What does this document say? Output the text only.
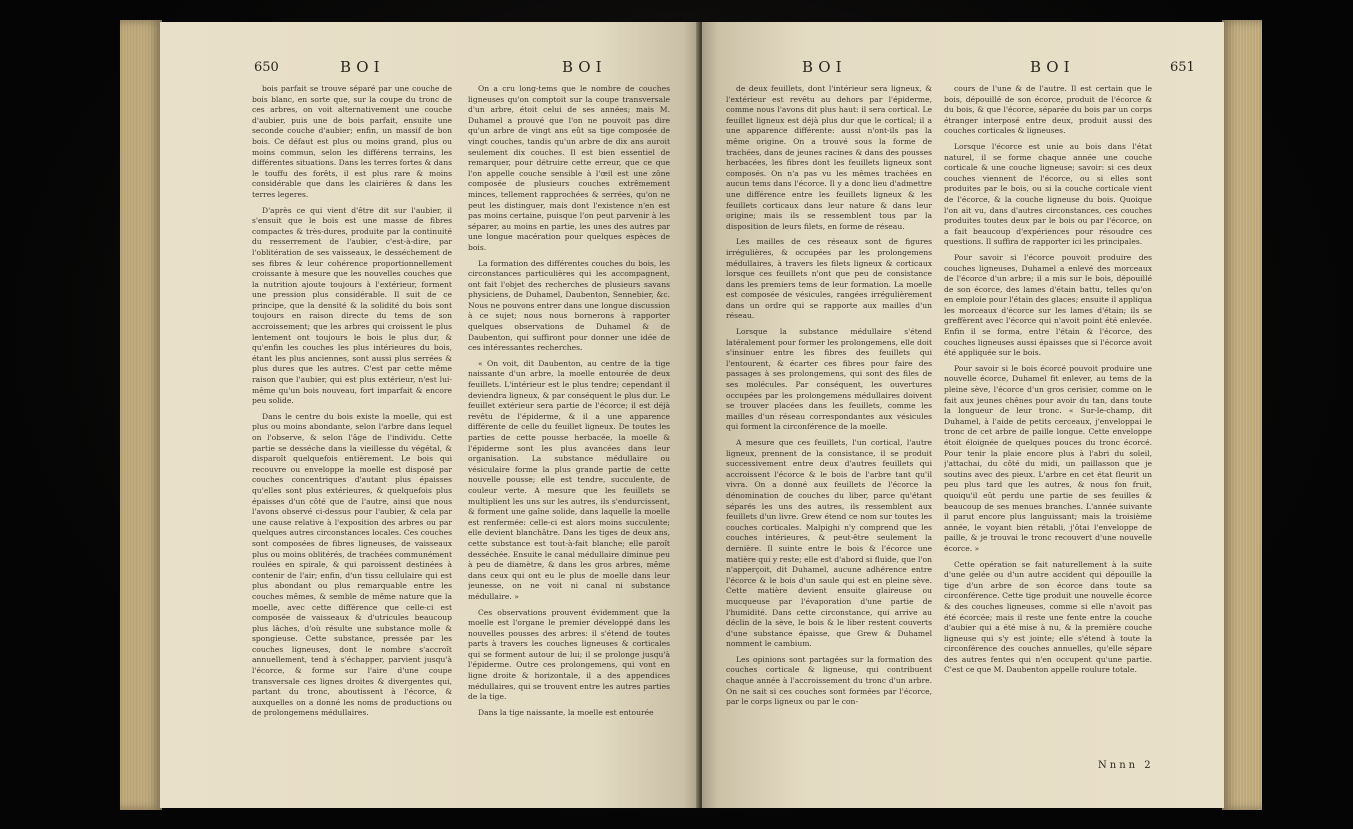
650	BOI	BOI

bois parfait se trouve séparé par une couche de bois blanc, en sorte que, sur la coupe du tronc de ces arbres, on voit alternativement une couche d'aubier, puis une de bois parfait, ensuite une seconde couche d'aubier; enfin, un massif de bon bois. Ce défaut est plus ou moins grand, plus ou moins commun, selon les différens terrains, les différentes situations. Dans les terres fortes & dans le touffu des forêts, il est plus rare & moins considérable que dans les clairières & dans les terres legeres.

D'après ce qui vient d'être dit sur l'aubier, il s'ensuit que le bois est une masse de fibres compactes & très-dures, produite par la continuité du resserrement de l'aubier, c'est-à-dire, par l'oblitération de ses vaisseaux, le desséchement de ses fibres & leur cohérence proportionnellement croissante à mesure que les nouvelles couches que la nutrition ajoute toujours à l'extérieur, forment une pression plus considérable. Il suit de ce principe, que la densité & la solidité du bois sont toujours en raison directe du tems de son accroissement; que les arbres qui croissent le plus lentement ont toujours le bois le plus dur, & qu'enfin les couches les plus intérieures du bois, étant les plus anciennes, sont aussi plus serrées & plus dures que les autres. C'est par cette même raison que l'aubier, qui est plus extérieur, n'est lui-même qu'un bois nouveau, fort imparfait & encore peu solide.

Dans le centre du bois existe la moelle, qui est plus ou moins abondante, selon l'arbre dans lequel on l'observe, & selon l'âge de l'individu. Cette partie se desséche dans la vieillesse du végétal, & disparoît quelquefois entièrement. Le bois qui recouvre ou enveloppe la moelle est disposé par couches concentriques d'autant plus épaisses qu'elles sont plus extérieures, & quelquefois plus épaisses d'un côté que de l'autre, ainsi que nous l'avons observé ci-dessus pour l'aubier, & cela par une cause relative à l'exposition des arbres ou par quelques autres circonstances locales. Ces couches sont composées de fibres ligneuses, de vaisseaux plus ou moins oblitérés, de trachées communément roulées en spirale, & qui paroissent destinées à contenir de l'air; enfin, d'un tissu cellulaire qui est plus abondant ou plus remarquable entre les couches mêmes, & semble de même nature que la moelle, avec cette différence que celle-ci est composée de vaisseaux & d'utricules beaucoup plus lâches, d'où résulte une substance molle & spongieuse. Cette substance, pressée par les couches ligneuses, dont le nombre s'accroît annuellement, tend à s'échapper, parvient jusqu'à l'écorce, & forme sur l'aire d'une coupe transversale ces lignes droites & divergentes qui, partant du tronc, aboutissent à l'écorce, & auxquelles on a donné les noms de productions ou de prolongemens médullaires.

On a cru long-tems que le nombre de couches ligneuses qu'on comptoit sur la coupe transversale d'un arbre, étoit celui de ses années; mais M. Duhamel a prouvé que l'on ne pouvoit pas dire qu'un arbre de vingt ans eût sa tige composée de vingt couches, tandis qu'un arbre de dix ans auroit seulement dix couches. Il est bien essentiel de remarquer, pour détruire cette erreur, que ce que l'on appelle couche sensible à l'œil est une zône composée de plusieurs couches extrêmement minces, tellement rapprochées & serrées, qu'on ne peut les distinguer, mais dont l'existence n'en est pas moins certaine, puisque l'on peut parvenir à les séparer, au moins en partie, les unes des autres par une longue macération pour quelques espèces de bois.

La formation des différentes couches du bois, les circonstances particulières qui les accompagnent, ont fait l'objet des recherches de plusieurs savans physiciens, de Duhamel, Daubenton, Sennebier, &c. Nous ne pouvons entrer dans une longue discussion à ce sujet; nous nous bornerons à rapporter quelques observations de Duhamel & de Daubenton, qui suffiront pour donner une idée de ces intéressantes recherches.

« On voit, dit Daubenton, au centre de la tige naissante d'un arbre, la moelle entourée de deux feuillets. L'intérieur est le plus tendre; cependant il deviendra ligneux, & par conséquent le plus dur. Le feuillet extérieur sera partie de l'écorce; il est déjà revêtu de l'épiderme, & il a une apparence différente de celle du feuillet ligneux. De toutes les parties de cette pousse herbacée, la moelle & l'épiderme sont les plus avancées dans leur organisation. La substance médullaire ou vésiculaire forme la plus grande partie de cette nouvelle pousse; elle est tendre, succulente, de couleur verte. A mesure que les feuillets se multiplient les uns sur les autres, ils s'endurcissent, & forment une gaîne solide, dans laquelle la moelle est renfermée: celle-ci est alors moins succulente; elle devient blanchâtre. Dans les tiges de deux ans, cette substance est tout-à-fait blanche; elle paroît desséchée. Ensuite le canal médullaire diminue peu à peu de diamètre, & dans les gros arbres, même dans ceux qui ont eu le plus de moelle dans leur jeunesse, on ne voit ni canal ni substance médullaire. »

Ces observations prouvent évidemment que la moelle est l'organe le premier développé dans les nouvelles pousses des arbres: il s'étend de toutes parts à travers les couches ligneuses & corticales qui se forment autour de lui; il se prolonge jusqu'à l'épiderme. Outre ces prolongemens, qui vont en ligne droite & horizontale, il a des appendices médullaires, qui se trouvent entre les autres parties de la tige.

Dans la tige naissante, la moelle est entourée

BOI	BOI	651

de deux feuillets, dont l'intérieur sera ligneux, & l'extérieur est revêtu au dehors par l'épiderme, comme nous l'avons dit plus haut: il sera cortical. Le feuillet ligneux est déjà plus dur que le cortical; il a une apparence différente: aussi n'ont-ils pas la même origine. On a trouvé sous la forme de trachées, dans de jeunes racines & dans des pousses herbacées, les fibres dont les feuillets ligneux sont composés. On n'a pas vu les mêmes trachées en aucun tems dans l'écorce. Il y a donc lieu d'admettre une différence entre les feuillets ligneux & les feuillets corticaux dans leur nature & dans leur origine; mais ils se ressemblent tous par la disposition de leurs filets, en forme de réseau.

Les mailles de ces réseaux sont de figures irrégulières, & occupées par les prolongemens médullaires, à travers les filets ligneux & corticaux lorsque ces feuillets n'ont que peu de consistance dans les premiers tems de leur formation. La moelle est composée de vésicules, rangées irrégulièrement dans un ordre qui se rapporte aux mailles d'un réseau.

Lorsque la substance médullaire s'étend latéralement pour former les prolongemens, elle doit s'insinuer entre les fibres des feuillets qui l'entourent, & écarter ces fibres pour faire des passages à ses prolongemens, qui sont des files de ses molécules. Par conséquent, les ouvertures occupées par les prolongemens médullaires doivent se trouver placées dans les feuillets, comme les mailles d'un réseau correspondantes aux vésicules qui forment la circonférence de la moelle.

A mesure que ces feuillets, l'un cortical, l'autre ligneux, prennent de la consistance, il se produit successivement entre deux d'autres feuillets qui accroissent l'écorce & le bois de l'arbre tant qu'il vivra. On a donné aux feuillets de l'écorce la dénomination de couches du liber, parce qu'étant séparés les uns des autres, ils ressemblent aux feuillets d'un livre. Grew étend ce nom sur toutes les couches corticales. Malpighi n'y comprend que les couches intérieures, & peut-être seulement la dernière. Il suinte entre le bois & l'écorce une matière qui y reste; elle est d'abord si fluide, que l'on n'apperçoit, dit Duhamel, aucune adhérence entre l'écorce & le bois d'un saule qui est en pleine sève. Cette matière devient ensuite glaireuse ou mucqueuse par l'évaporation d'une partie de l'humidité. Dans cette circonstance, qui arrive au déclin de la sève, le bois & le liber restent couverts d'une substance épaisse, que Grew & Duhamel nomment le cambium.

Les opinions sont partagées sur la formation des couches corticale & ligneuse, qui contribuent chaque année à l'accroissement du tronc d'un arbre. On ne sait si ces couches sont formées par l'écorce, par le corps ligneux ou par le con-

cours de l'une & de l'autre. Il est certain que le bois, dépouillé de son écorce, produit de l'écorce & du bois, & que l'écorce, séparée du bois par un corps étranger interposé entre deux, produit aussi des couches corticales & ligneuses.

Lorsque l'écorce est unie au bois dans l'état naturel, il se forme chaque année une couche corticale & une couche ligneuse; savoir: si ces deux couches viennent de l'écorce, ou si elles sont produites par le bois, ou si la couche corticale vient de l'écorce, & la couche ligneuse du bois. Quoique l'on ait vu, dans d'autres circonstances, ces couches produites toutes deux par le bois ou par l'écorce, on a fait beaucoup d'expériences pour résoudre ces questions. Il suffira de rapporter ici les principales.

Pour savoir si l'écorce pouvoit produire des couches ligneuses, Duhamel a enlevé des morceaux de l'écorce d'un arbre; il a mis sur le bois, dépouillé de son écorce, des lames d'étain battu, telles qu'on en emploie pour l'étain des glaces; ensuite il appliqua les morceaux d'écorce sur les lames d'étain; ils se greffèrent avec l'écorce qui n'avoit point été enlevée. Enfin il se forma, entre l'étain & l'écorce, des couches ligneuses aussi épaisses que si l'écorce avoit été appliquée sur le bois.

Pour savoir si le bois écorcé pouvoit produire une nouvelle écorce, Duhamel fit enlever, au tems de la pleine sève, l'écorce d'un gros cerisier, comme on le fait aux jeunes chênes pour avoir du tan, dans toute la longueur de leur tronc. « Sur-le-champ, dit Duhamel, à l'aide de petits cerceaux, j'enveloppai le tronc de cet arbre de paille longue. Cette enveloppe étoit éloignée de quelques pouces du tronc écorcé. Pour tenir la plaie encore plus à l'abri du soleil, j'attachai, du côté du midi, un paillasson que je soutins avec des pieux. L'arbre en cet état fleurit un peu plus tard que les autres, & nous fon fruit, quoiqu'il eût perdu une partie de ses feuilles & beaucoup de ses menues branches. L'année suivante il parut encore plus languissant; mais la troisième année, le voyant bien rétabli, j'ôtai l'enveloppe de paille, & je trouvai le tronc recouvert d'une nouvelle écorce. »

Cette opération se fait naturellement à la suite d'une gelée ou d'un autre accident qui dépouille la tige d'un arbre de son écorce dans toute sa circonférence. Cette tige produit une nouvelle écorce & des couches ligneuses, comme si elle n'avoit pas été écorcée; mais il reste une fente entre la couche d'aubier qui a été mise à nu, & la première couche ligneuse qui s'y est jointe; elle s'étend à toute la circonférence des couches annuelles, qu'elle sépare des autres fentes qui n'en occupent qu'une partie. C'est ce que M. Daubenton appelle roulure totale.

Nnnn 2
